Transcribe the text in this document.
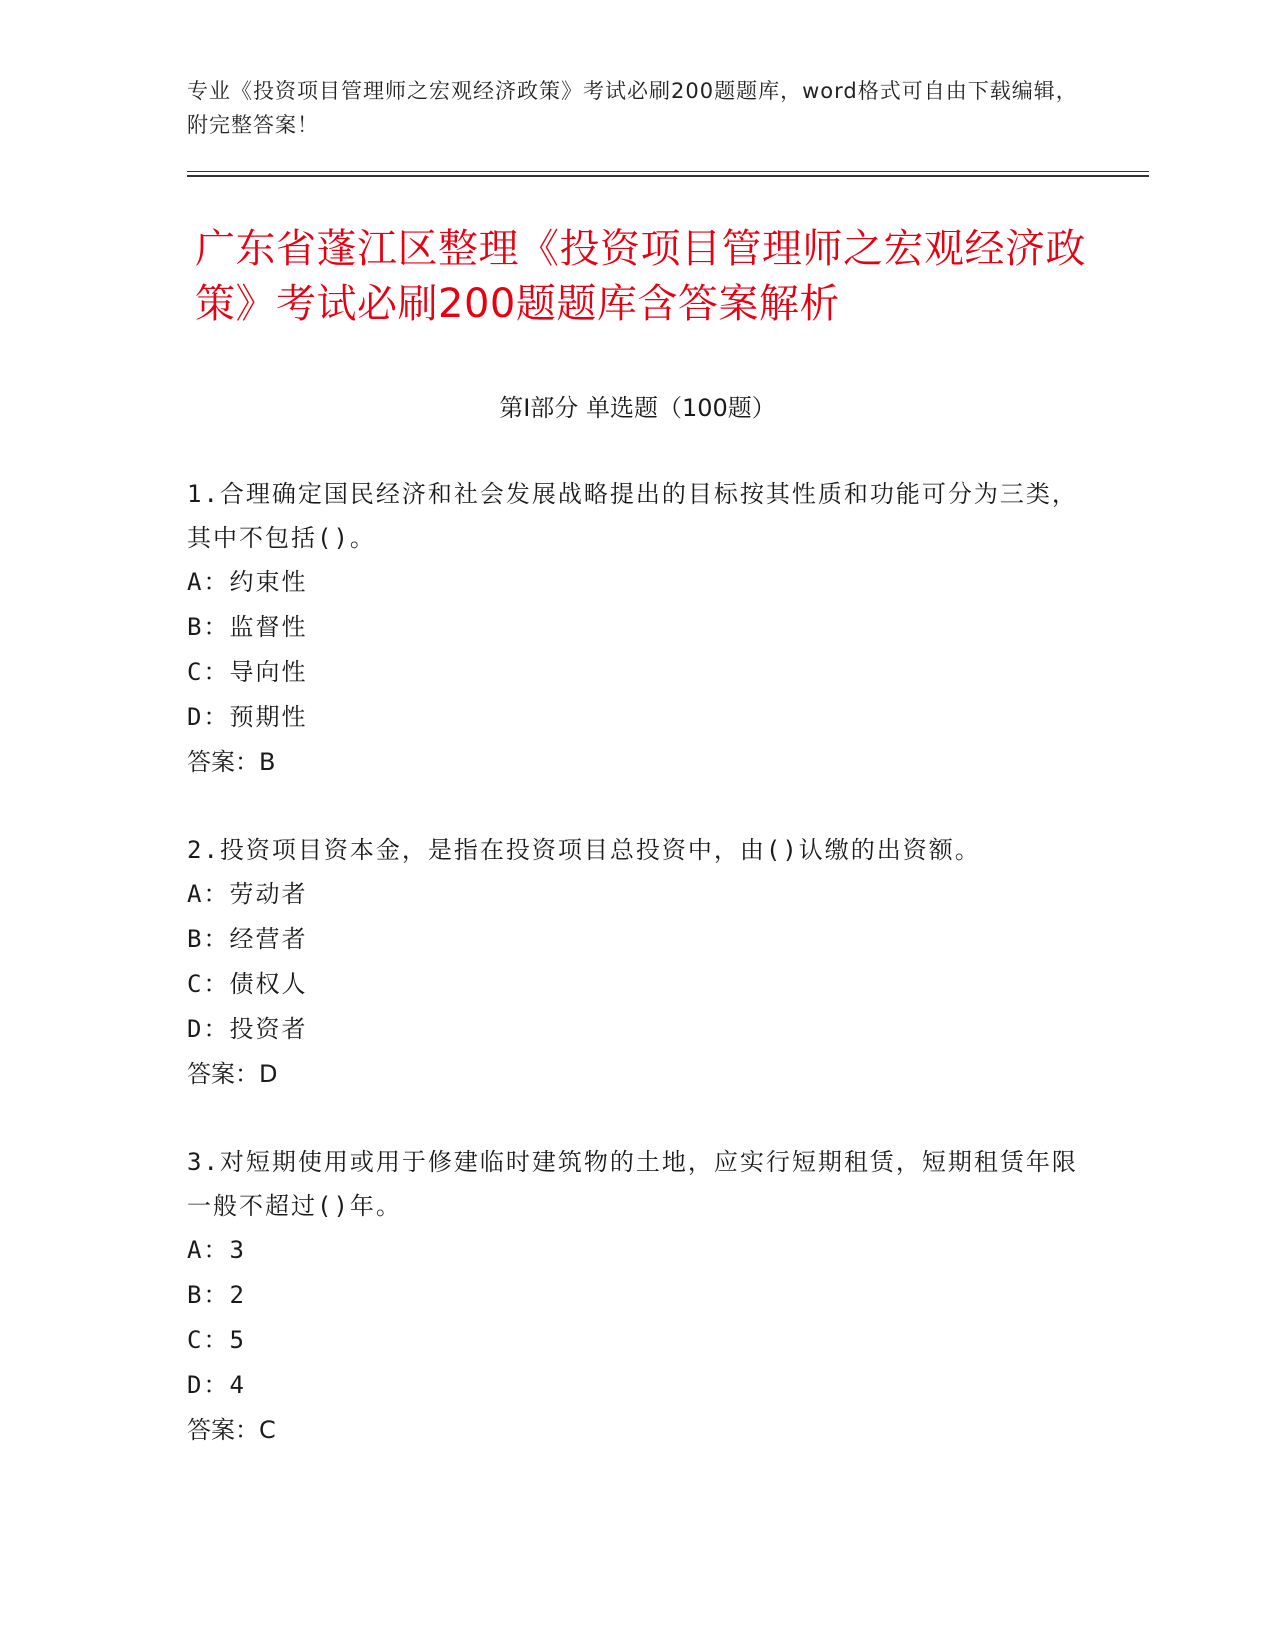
专业《投资项目管理师之宏观经济政策》考试必刷200题题库，word格式可自由下载编辑，附完整答案！
广东省蓬江区整理《投资项目管理师之宏观经济政策》考试必刷200题题库含答案解析
第Ⅰ部分 单选题（100题）
1.合理确定国民经济和社会发展战略提出的目标按其性质和功能可分为三类，其中不包括()。
A：约束性
B：监督性
C：导向性
D：预期性
答案：B
2.投资项目资本金，是指在投资项目总投资中，由()认缴的出资额。
A：劳动者
B：经营者
C：债权人
D：投资者
答案：D
3.对短期使用或用于修建临时建筑物的土地，应实行短期租赁，短期租赁年限一般不超过()年。
A：3
B：2
C：5
D：4
答案：C
